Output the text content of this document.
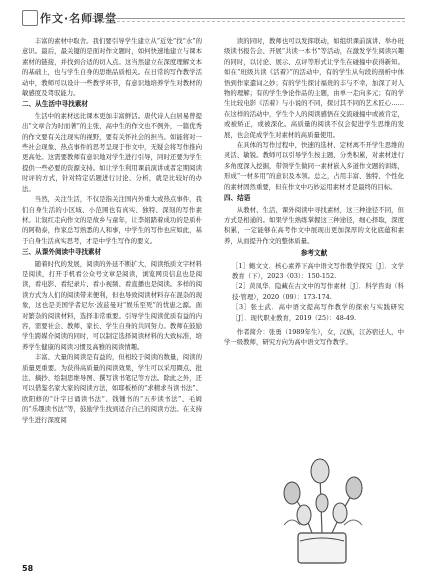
作文·名师课堂

丰富的素材中取舍。我们要引导学生建立从“近处”找“水”的意识。最后，最关键的是面对作文题时，如何快速地建立与课本素材的链接，并找到合适的切入点。这当然建立在深度理解文本的基础上，也与学生自身的思维品质相关。在日常的写作教学活动中，教师可以设计一些教学环节，有意识地培养学生对教材的敏感度及驾驭能力。

二、从生活中寻找素材

生活中的素材远比课本更加丰富鲜活。唐代诗人白居易曾提出“文章合为时而著”的主张，高中生的作文也不例外，一篇优秀的作文要有关注现实的视野，要有关怀社会的担当。如能将对一些社会现象、热点事件的思考呈现于作文中，无疑会将写作推向更高处。这需要教师有意识地对学生进行引导，同时还要为学生提供一些必要的资源支持。如让学生利用课前演讲或者定期阅读时评的方式，针对特定话题进行讨论、分析，就是比较好的办法。

当然，关注生活，不仅是指关注国内外重大或热点事件，我们自身生活的小区域、小范围也有真实、独特、深刻的写作素材。让叙红走向作文的是故乡与童年，让李娟踏着成功的是质朴的阿勒泰，作家总写熟悉的人和事，中学生的写作也应如此，基于自身生活真实思考，才是中学生写作的要义。

三、从课外阅读中寻找素材

随着时代的发展，阅读的外延不断扩大，阅读纸质文字材料是阅读，打开手机看公众号文章是阅读，浏览网页信息也是阅读，看电影、看纪录片、看小视频、看直播也是阅读。多样的阅读方式为人们的阅读带来便利，但也导致阅读材料存在混杂的现象，这也是美国学者尼尔·波兹曼对“娱乐至死”的忧患之源。面对繁杂的阅读材料，选择非常重要。引导学生阅读优质有益的内容，需要社会、教师、家长、学生自身的共同努力。教师在鼓励学生跨媒介阅读的同时，可以制定选择阅读材料的大致标准，培养学生健康的阅读习惯及高雅的阅读情趣。

丰富、大量的阅读是有益的，但相较于阅读的数量，阅读的质量更重要。为获得高质量的阅读效果，学生可以采用圈点、批注、摘抄、绘制思维导图、撰写读书笔记等方法。除此之外，还可以借鉴名家大家的阅读方法，如耶板桥的“求精求当读书法”、欧阳修的“计字日诵读书法”、钱锺书的“五步读书法”、毛姆的“乐趣读书法”等，鼓励学生找到适合自己的阅读方法。在支持学生进行深度阅

读的同时，教师也可以发挥联动，如组织课前演讲、举办班级读书报告会、开展“共读一本书”等活动，在激发学生阅读兴趣的同时，以讨论、展示、点评等形式让学生在碰撞中获得新知。如在“班级共读《活着》”的活动中，有的学生从句段的剖析中体悟到作家遣词之妙；有的学生探讨福贵的丰与不幸，加深了对人物的理解；有的学生争论作品的主题，由单一走向多元；有的学生比较电影《活着》与小说的不同，探讨其不同的艺术匠心……在这样的活动中，学生个人的阅读感悟在交流碰撞中或被肯定，或被矫正，或被深化。高质量的阅读不仅会促进学生思维的发展，也会促成学生对素材的高质量使用。

在具体的写作过程中，快速的选材、定材离不开学生思维的灵活、敏锐。教师可以引导学生按主题、分类积累，对素材进行多角度深入挖掘，带领学生做同一素材嵌入多道作文题的训练，形成“一材多用”的意识及本领。总之，占用丰富、独特、个性化的素材固然重要，但在作文中巧妙运用素材才是最终的目标。

四、结语

从教材、生活、课外阅读中寻找素材，这三种途径不同，但方式是相通的。如果学生熟练掌握这三种途径，细心择取，深度积累，一定能够在高考作文中展现出更加深厚的文化底蕴和素养，从而提升作文的整体质量。

参考文献

［1］鲍文文．核心素养下高中语文写作教学探究［J］．文学教育（下），2023（03）：150-152.

［2］黄凤华．隐藏在古文中的写作素材［J］．科学咨询（科技·管理），2020（09）：173-174.

［3］张士武．高中语文提高写作教学的探索与实践研究［J］．现代职业教育，2019（25）：48-49.

作者简介：张勇（1989年生），女，汉族，江苏宿迁人，中学一级教师，研究方向为高中语文写作教学。

58
